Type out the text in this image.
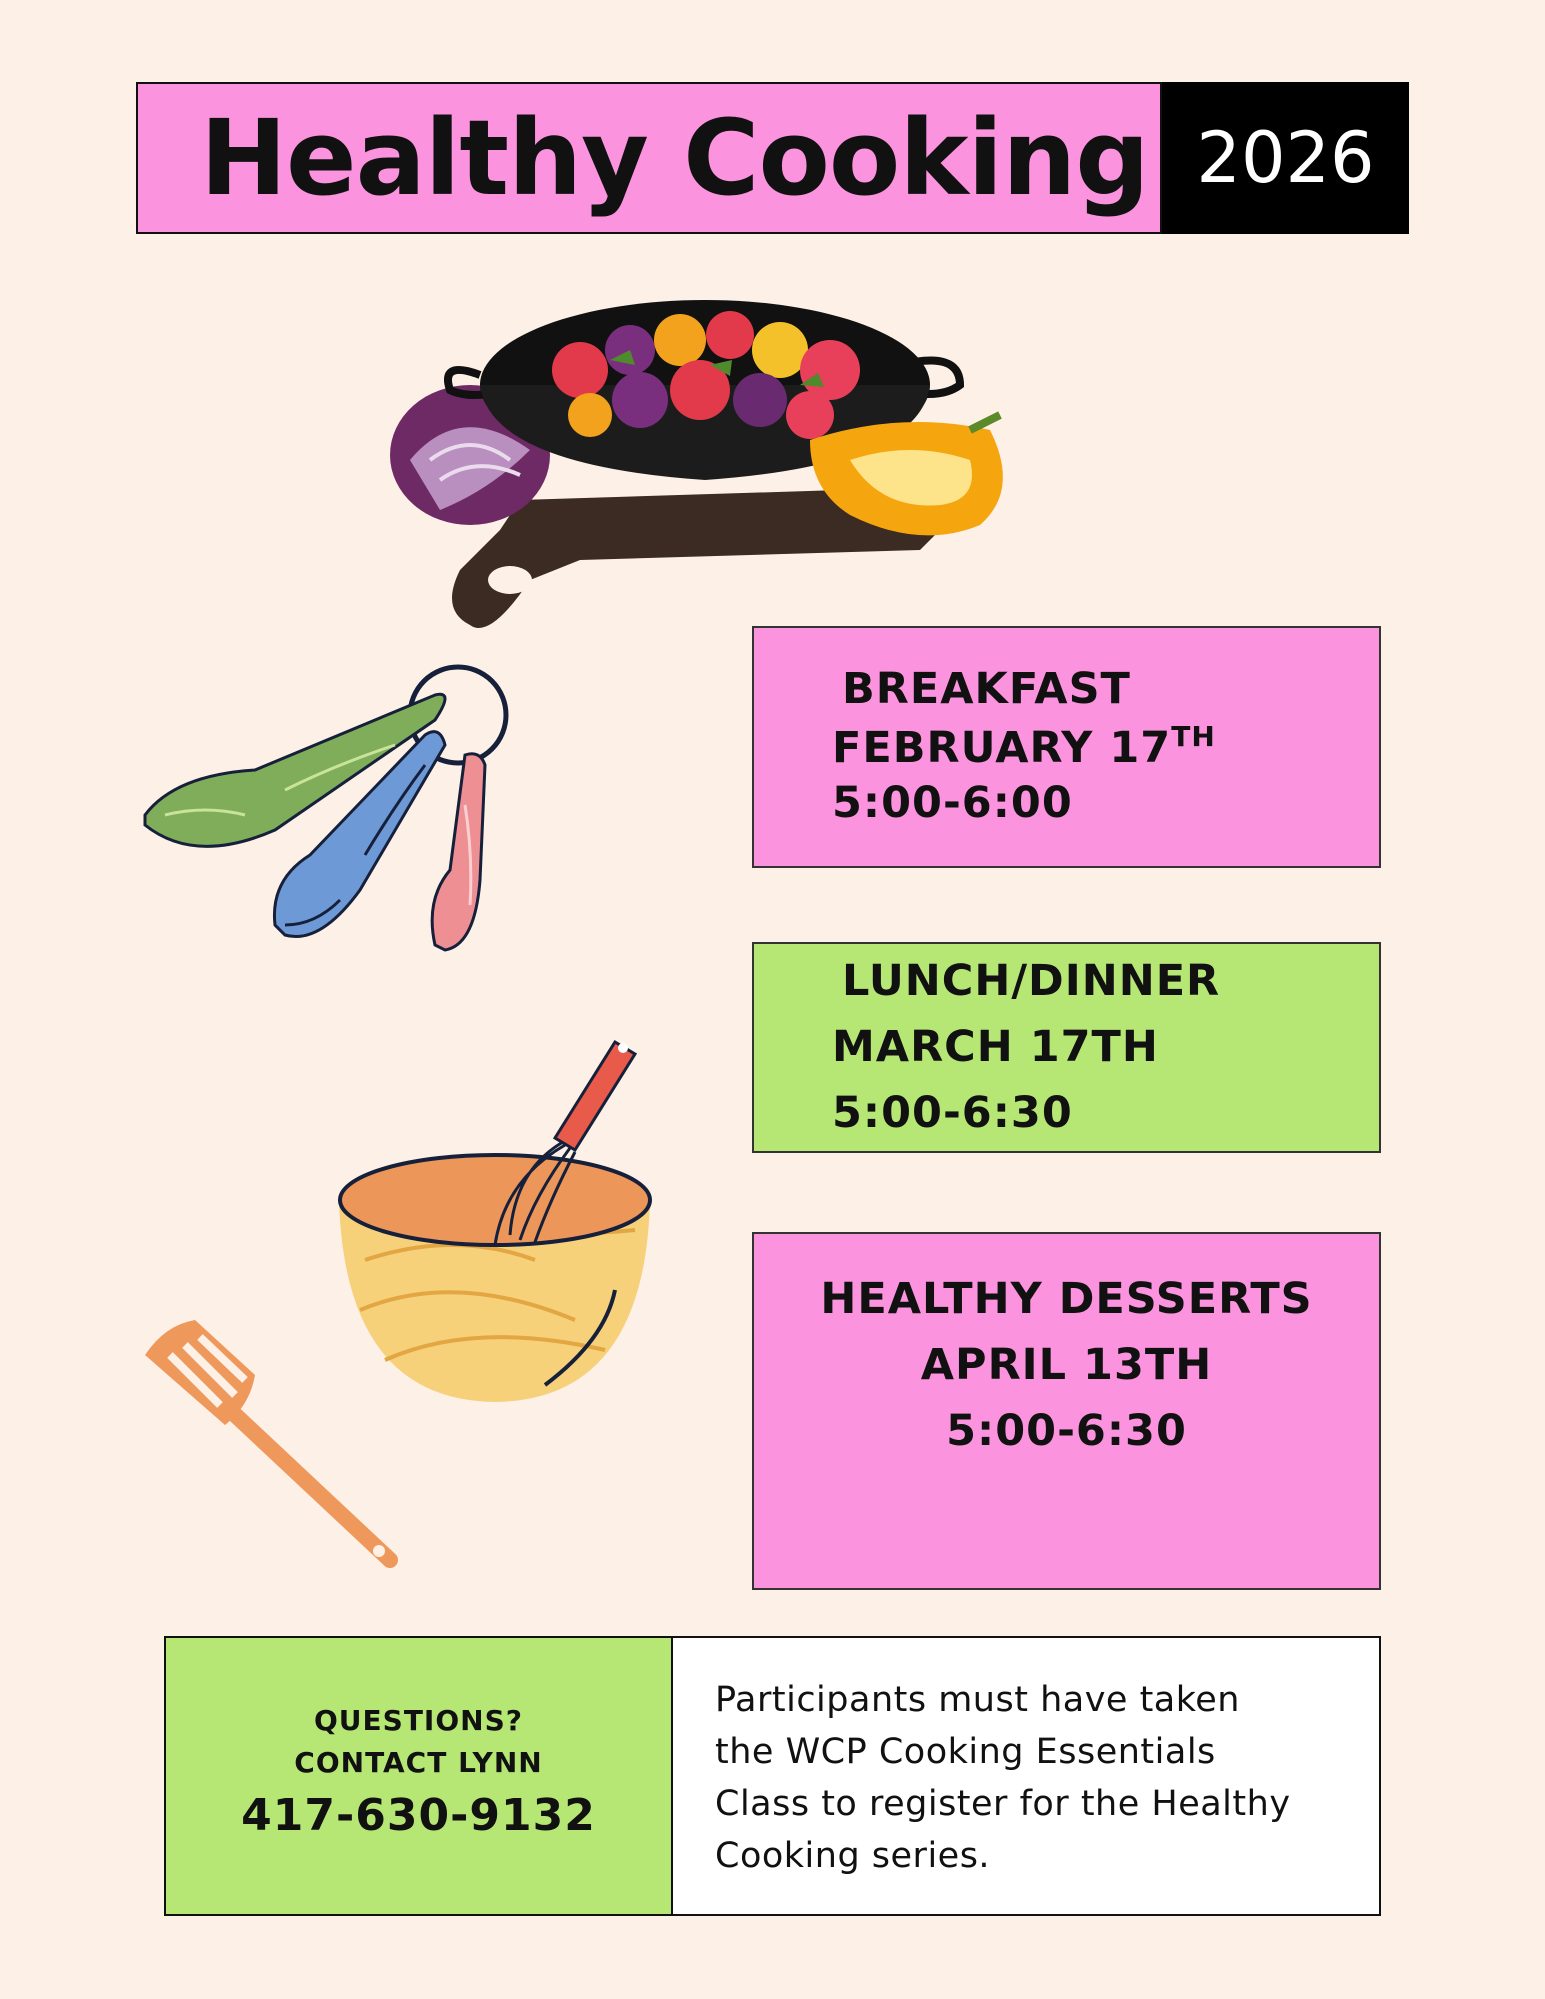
Healthy Cooking 2026
BREAKFAST
FEBRUARY 17TH
5:00-6:00
LUNCH/DINNER
MARCH 17TH
5:00-6:30
HEALTHY DESSERTS
APRIL 13TH
5:00-6:30
QUESTIONS?
CONTACT LYNN
417-630-9132
Participants must have taken
the WCP Cooking Essentials
Class to register for the Healthy
Cooking series.
